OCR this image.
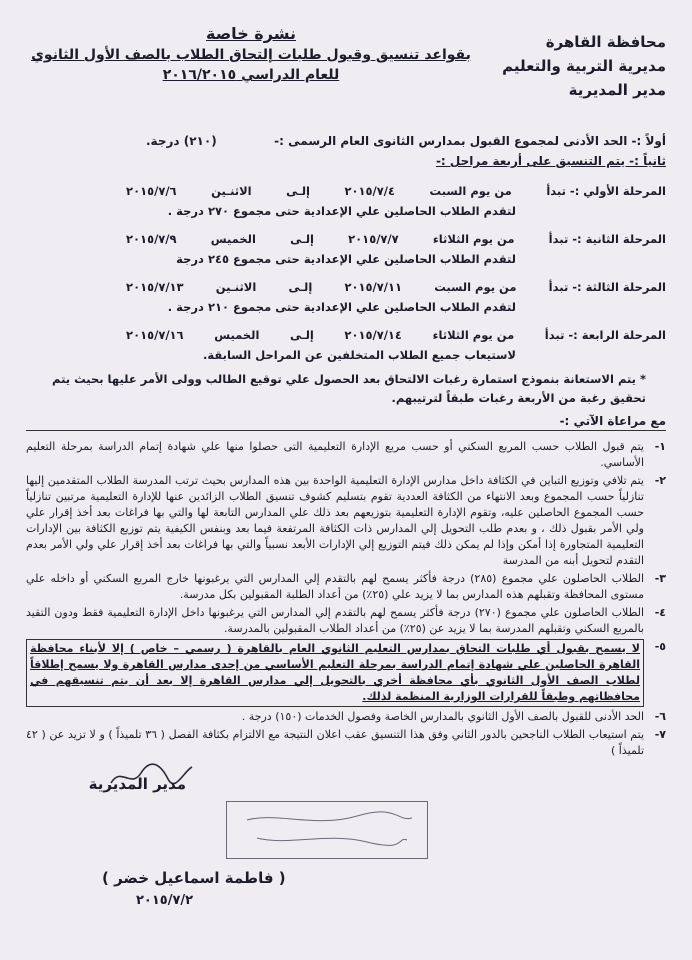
محافظة القاهرة
مديرية التربية والتعليم
مدير المديرية
نشرة خاصة
بقواعد تنسيق وقبول طلبات إلتحاق الطلاب بالصف الأول الثانوي
للعام الدراسي ٢٠١٦/٢٠١٥
أولاً :- الحد الأدنى لمجموع القبول بمدارس الثانوى العام الرسمى :-
(٢١٠) درجة.
ثانياً :- يتم التنسيق على أربعة مراحل :-
المرحلة الأولي :- تبدأ
من يوم السبت
٢٠١٥/٧/٤
إلـى
الاثنـين
٢٠١٥/٧/٦
لتقدم الطلاب الحاصلين علي الإعدادية حتى مجموع ٢٧٠ درجة .
المرحلة الثانية :- تبدأ
من يوم الثلاثاء
٢٠١٥/٧/٧
إلـى
الخميس
٢٠١٥/٧/٩
لتقدم الطلاب الحاصلين علي الإعدادية حتى مجموع ٢٤٥ درجة
المرحلة الثالثة :- تبدأ
من يوم السبت
٢٠١٥/٧/١١
إلـى
الاثنـين
٢٠١٥/٧/١٣
لتقدم الطلاب الحاصلين علي الإعدادية حتى مجموع ٢١٠ درجة .
المرحلة الرابعة :- تبدأ
من يوم الثلاثاء
٢٠١٥/٧/١٤
إلـى
الخميس
٢٠١٥/٧/١٦
لاستيعاب جميع الطلاب المتخلفين عن المراحل السابقة.
* يتم الاستعانة بنموذج استمارة رغبات الالتحاق بعد الحصول علي توقيع الطالب وولى الأمر عليها بحيث يتم تحقيق رغبة من الأربعة رغبات طبقاً لترتيبهم.
مع مراعاة الآتي :-
١-
يتم قبول الطلاب حسب المربع السكني أو حسب مربع الإدارة التعليمية التى حصلوا منها علي شهادة إتمام الدراسة بمرحلة التعليم الأساسي.
٢-
يتم تلافي وتوزيع التباين في الكثافة داخل مدارس الإدارة التعليمية الواحدة بين هذه المدارس بحيث ترتب المدرسة الطلاب المتقدمين إليها تنازلياً حسب المجموع وبعد الانتهاء من الكثافة العددية تقوم بتسليم كشوف تنسيق الطلاب الزائدين عنها للإدارة التعليمية مرتبين تنازلياً حسب المجموع الحاصلين عليه، وتقوم الإدارة التعليمية بتوزيعهم بعد ذلك علي المدارس التابعة لها والتي بها فراغات بعد أخذ إقرار علي ولي الأمر بقبول ذلك ، و بعدم طلب التحويل إلي المدارس ذات الكثافة المرتفعة فيما بعد وبنفس الكيفية يتم توزيع الكثافة بين الإدارات التعليمية المتجاورة إذا أمكن وإذا لم يمكن ذلك فيتم التوزيع إلي الإدارات الأبعد نسبياً والتي بها فراغات بعد أخذ إقرار علي ولي الأمر بعدم التقدم لتحويل أبنه من المدرسة
٣-
الطلاب الحاصلون علي مجموع (٢٨٥) درجة فأكثر يسمح لهم بالتقدم إلي المدارس التي يرغبونها خارج المربع السكني أو داخله علي مستوى المحافظة وتقبلهم هذه المدارس بما لا يزيد علي (٢٥٪) من أعداد الطلبة المقبولين بكل مدرسة.
٤-
الطلاب الحاصلون علي مجموع (٢٧٠) درجة فأكثر يسمح لهم بالتقدم إلي المدارس التي يرغبونها داخل الإدارة التعليمية فقط ودون التقيد بالمربع السكني وتقبلهم المدرسة بما لا يزيد عن (٢٥٪) من أعداد الطلاب المقبولين بالمدرسة.
٥-
لا يسمح بقبول أي طلبات التحاق بمدارس التعليم الثانوي العام بالقاهرة ( رسمي – خاص ) إلا لأبناء محافظة القاهرة الحاصلين علي شهادة إتمام الدراسة بمرحلة التعليم الأساسي من إحدى مدارس القاهرة ولا يسمح إطلاقاً لطلاب الصف الأول الثانوي بأي محافظة أخري بالتحويل إلي مدارس القاهرة إلا بعد أن يتم تنسيقهم في محافظاتهم وطبقاً للقرارات الوزارية المنظمة لذلك.
٦-
الحد الأدنى للقبول بالصف الأول الثانوي بالمدارس الخاصة وفصول الخدمات (١٥٠) درجة .
٧-
يتم استيعاب الطلاب الناجحين بالدور الثاني وفق هذا التنسيق عقب اعلان النتيجة مع الالتزام بكثافة الفصل ( ٣٦ تلميذاً ) و لا تزيد عن ( ٤٢ تلميذاً )
مدير المديرية
( فاطمة اسماعيل خضر )
٢٠١٥/٧/٢
